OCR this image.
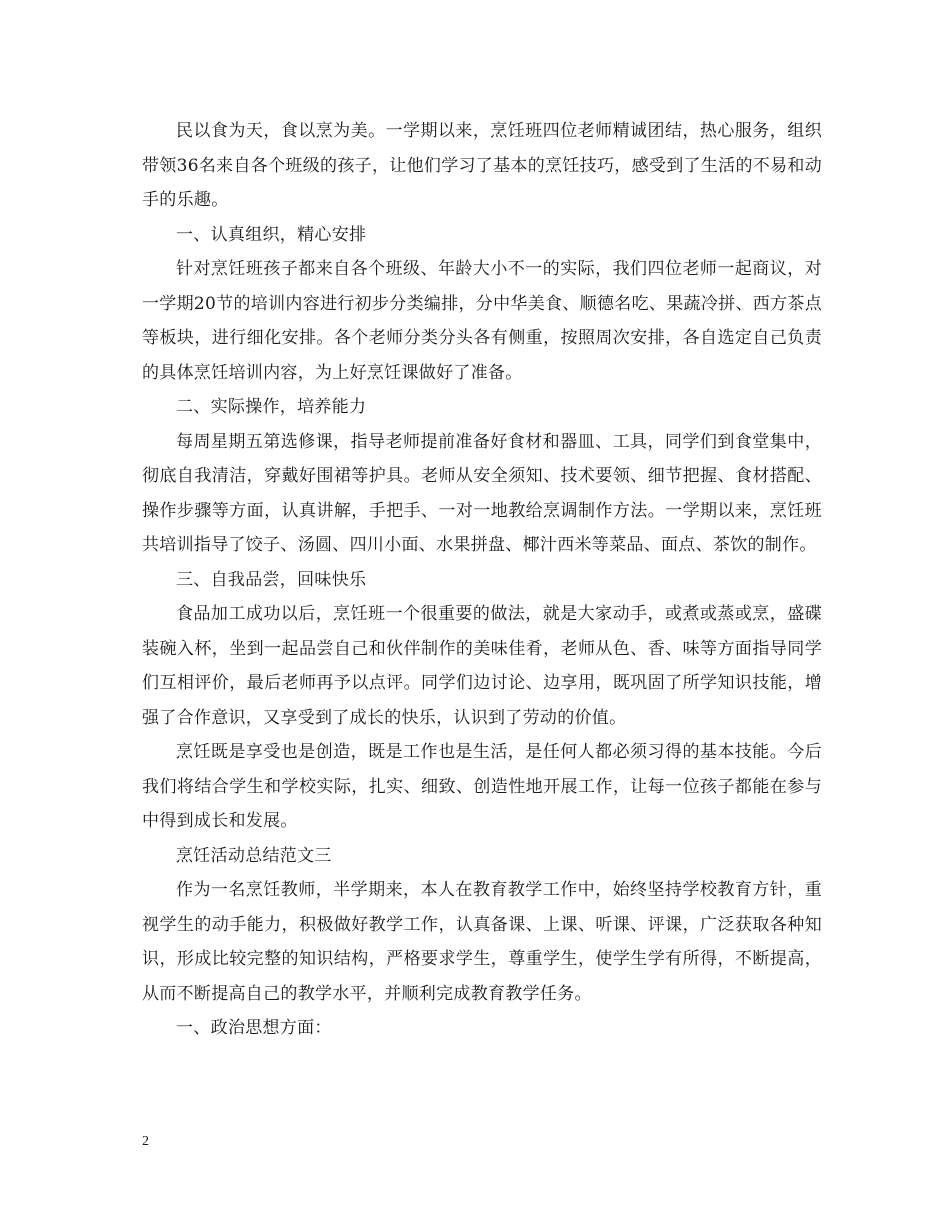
民以食为天，食以烹为美。一学期以来，烹饪班四位老师精诚团结，热心服务，组织带领36名来自各个班级的孩子，让他们学习了基本的烹饪技巧，感受到了生活的不易和动手的乐趣。

一、认真组织，精心安排

针对烹饪班孩子都来自各个班级、年龄大小不一的实际，我们四位老师一起商议，对一学期20节的培训内容进行初步分类编排，分中华美食、顺德名吃、果蔬冷拼、西方茶点等板块，进行细化安排。各个老师分类分头各有侧重，按照周次安排，各自选定自己负责的具体烹饪培训内容，为上好烹饪课做好了准备。

二、实际操作，培养能力

每周星期五第选修课，指导老师提前准备好食材和器皿、工具，同学们到食堂集中，彻底自我清洁，穿戴好围裙等护具。老师从安全须知、技术要领、细节把握、食材搭配、操作步骤等方面，认真讲解，手把手、一对一地教给烹调制作方法。一学期以来，烹饪班共培训指导了饺子、汤圆、四川小面、水果拼盘、椰汁西米等菜品、面点、茶饮的制作。

三、自我品尝，回味快乐

食品加工成功以后，烹饪班一个很重要的做法，就是大家动手，或煮或蒸或烹，盛碟装碗入杯，坐到一起品尝自己和伙伴制作的美味佳肴，老师从色、香、味等方面指导同学们互相评价，最后老师再予以点评。同学们边讨论、边享用，既巩固了所学知识技能，增强了合作意识，又享受到了成长的快乐，认识到了劳动的价值。

烹饪既是享受也是创造，既是工作也是生活，是任何人都必须习得的基本技能。今后我们将结合学生和学校实际，扎实、细致、创造性地开展工作，让每一位孩子都能在参与中得到成长和发展。

烹饪活动总结范文三

作为一名烹饪教师，半学期来，本人在教育教学工作中，始终坚持学校教育方针，重视学生的动手能力，积极做好教学工作，认真备课、上课、听课、评课，广泛获取各种知识，形成比较完整的知识结构，严格要求学生，尊重学生，使学生学有所得，不断提高，从而不断提高自己的教学水平，并顺利完成教育教学任务。

一、政治思想方面：

2
